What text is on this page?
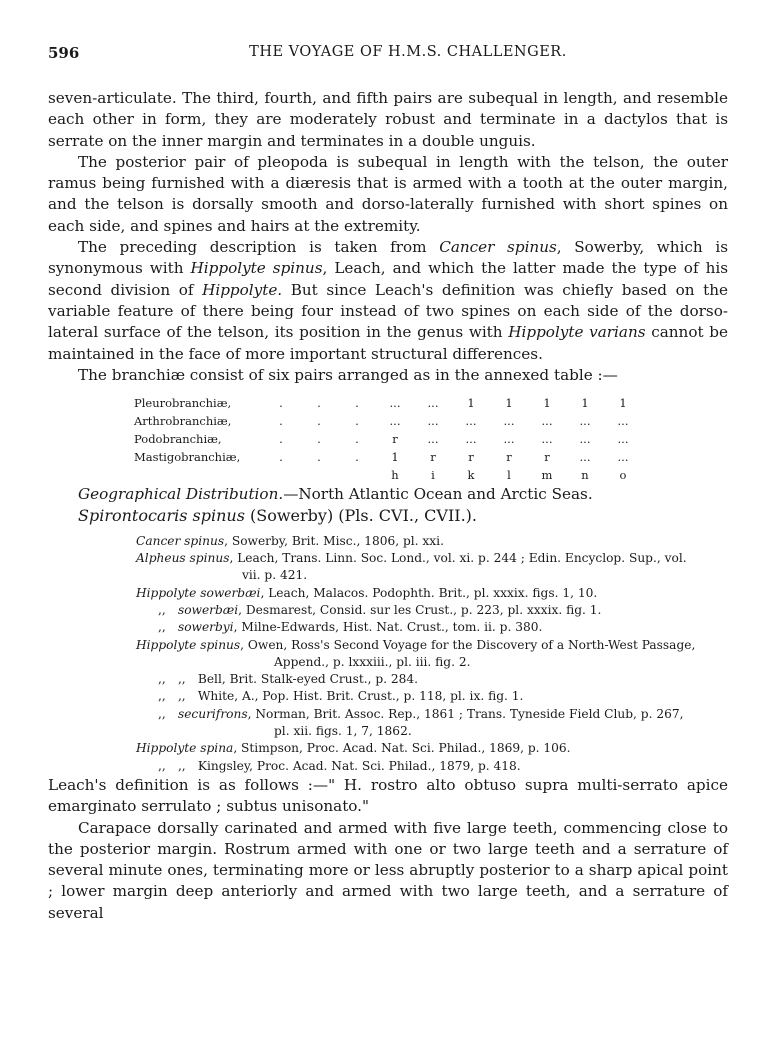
596	THE VOYAGE OF H.M.S. CHALLENGER.

seven-articulate. The third, fourth, and fifth pairs are subequal in length, and resemble each other in form, they are moderately robust and terminate in a dactylos that is serrate on the inner margin and terminates in a double unguis.

The posterior pair of pleopoda is subequal in length with the telson, the outer ramus being furnished with a diæresis that is armed with a tooth at the outer margin, and the telson is dorsally smooth and dorso-laterally furnished with short spines on each side, and spines and hairs at the extremity.

The preceding description is taken from Cancer spinus, Sowerby, which is synonymous with Hippolyte spinus, Leach, and which the latter made the type of his second division of Hippolyte. But since Leach's definition was chiefly based on the variable feature of there being four instead of two spines on each side of the dorso-lateral surface of the telson, its position in the genus with Hippolyte varians cannot be maintained in the face of more important structural differences.

The branchiæ consist of six pairs arranged as in the annexed table :—

Pleurobranchiæ,	.	.	.	...	...	1	1	1	1	1
Arthrobranchiæ,	.	.	.	...	...	...	...	...	...	...
Podobranchiæ,	.	.	.	r	...	...	...	...	...	...
Mastigobranchiæ,	.	.	.	1	r	r	r	r	...	...
				h	i	k	l	m	n	o

Geographical Distribution.—North Atlantic Ocean and Arctic Seas.

Spirontocaris spinus (Sowerby) (Pls. CVI., CVII.).

Cancer spinus, Sowerby, Brit. Misc., 1806, pl. xxi.
Alpheus spinus, Leach, Trans. Linn. Soc. Lond., vol. xi. p. 244 ; Edin. Encyclop. Sup., vol.
vii. p. 421.
Hippolyte sowerbæi, Leach, Malacos. Podophth. Brit., pl. xxxix. figs. 1, 10.
,,  sowerbæi, Desmarest, Consid. sur les Crust., p. 223, pl. xxxix. fig. 1.
,,  sowerbyi, Milne-Edwards, Hist. Nat. Crust., tom. ii. p. 380.
Hippolyte spinus, Owen, Ross's Second Voyage for the Discovery of a North-West Passage,
Append., p. lxxxiii., pl. iii. fig. 2.
,,  ,,  Bell, Brit. Stalk-eyed Crust., p. 284.
,,  ,,  White, A., Pop. Hist. Brit. Crust., p. 118, pl. ix. fig. 1.
,,  securifrons, Norman, Brit. Assoc. Rep., 1861 ; Trans. Tyneside Field Club, p. 267,
pl. xii. figs. 1, 7, 1862.
Hippolyte spina, Stimpson, Proc. Acad. Nat. Sci. Philad., 1869, p. 106.
,,  ,,  Kingsley, Proc. Acad. Nat. Sci. Philad., 1879, p. 418.

Leach's definition is as follows :—" H. rostro alto obtuso supra multi-serrato apice emarginato serrulato ; subtus unisonato."

Carapace dorsally carinated and armed with five large teeth, commencing close to the posterior margin. Rostrum armed with one or two large teeth and a serrature of several minute ones, terminating more or less abruptly posterior to a sharp apical point ; lower margin deep anteriorly and armed with two large teeth, and a serrature of several
